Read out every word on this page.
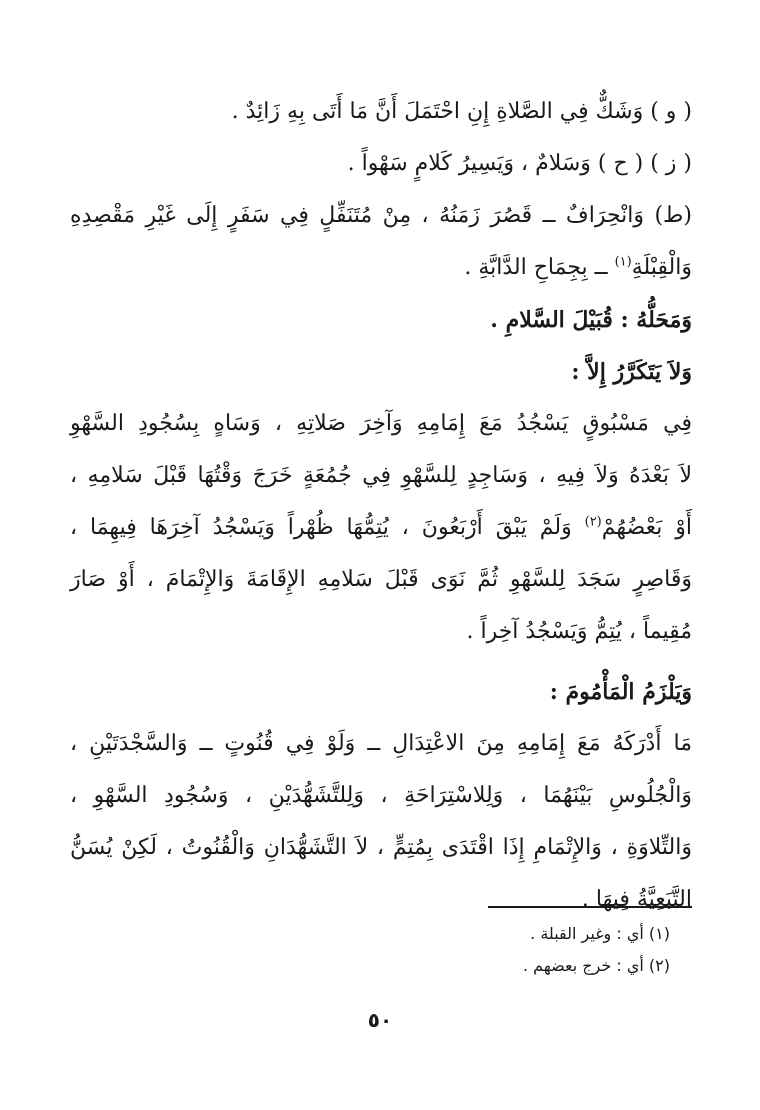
( و ) وَشَكٌّ فِي الصَّلاةِ إِنِ احْتَمَلَ أَنَّ مَا أَتَى بِهِ زَائِدٌ .
( ز ) ( ح ) وَسَلامٌ ، وَيَسِيرُ كَلامٍ سَهْواً .
(ط) وَانْحِرَافٌ ــ قَصُرَ زَمَنُهُ ، مِنْ مُتَنَفِّلٍ فِي سَفَرٍ إِلَى غَيْرِ مَقْصِدِهِ
وَالْقِبْلَةِ$^{(١)}$ ــ بِجِمَاحِ الدَّابَّةِ .
وَمَحَلُّهُ : قُبَيْلَ السَّلامِ .
وَلاَ يَتَكَرَّرُ إِلاَّ :
فِي مَسْبُوقٍ يَسْجُدُ مَعَ إِمَامِهِ وَآخِرَ صَلاتِهِ ، وَسَاهٍ بِسُجُودِ السَّهْوِ
لاَ بَعْدَهُ وَلاَ فِيهِ ، وَسَاجِدٍ لِلسَّهْوِ فِي جُمُعَةٍ خَرَجَ وَقْتُهَا قَبْلَ سَلامِهِ ،
أَوْ بَعْضُهُمْ$^{(٢)}$ وَلَمْ يَبْقَ أَرْبَعُونَ ، يُتِمُّهَا ظُهْراً وَيَسْجُدُ آخِرَهَا فِيهِمَا ،
وَقَاصِرٍ سَجَدَ لِلسَّهْوِ ثُمَّ نَوَى قَبْلَ سَلامِهِ الإِقَامَةَ وَالإِتْمَامَ ، أَوْ صَارَ
مُقِيماً ، يُتِمُّ وَيَسْجُدُ آخِراً .
وَيَلْزَمُ الْمَأْمُومَ :
مَا أَدْرَكَهُ مَعَ إِمَامِهِ مِنَ الاعْتِدَالِ ــ وَلَوْ فِي قُنُوتٍ ــ وَالسَّجْدَتَيْنِ ،
وَالْجُلُوسِ بَيْنَهُمَا ، وَلِلاسْتِرَاحَةِ ، وَلِلتَّشَهُّدَيْنِ ، وَسُجُودِ السَّهْوِ ،
وَالتِّلاوَةِ ، وَالإِتْمَامِ إِذَا اقْتَدَى بِمُتِمٍّ ، لاَ التَّشَهُّدَانِ وَالْقُنُوتُ ، لَكِنْ يُسَنُّ
التَّبَعِيَّةُ فِيهَا .
(١) أي : وغير القبلة .
(٢) أي : خرج بعضهم .
٥٠
